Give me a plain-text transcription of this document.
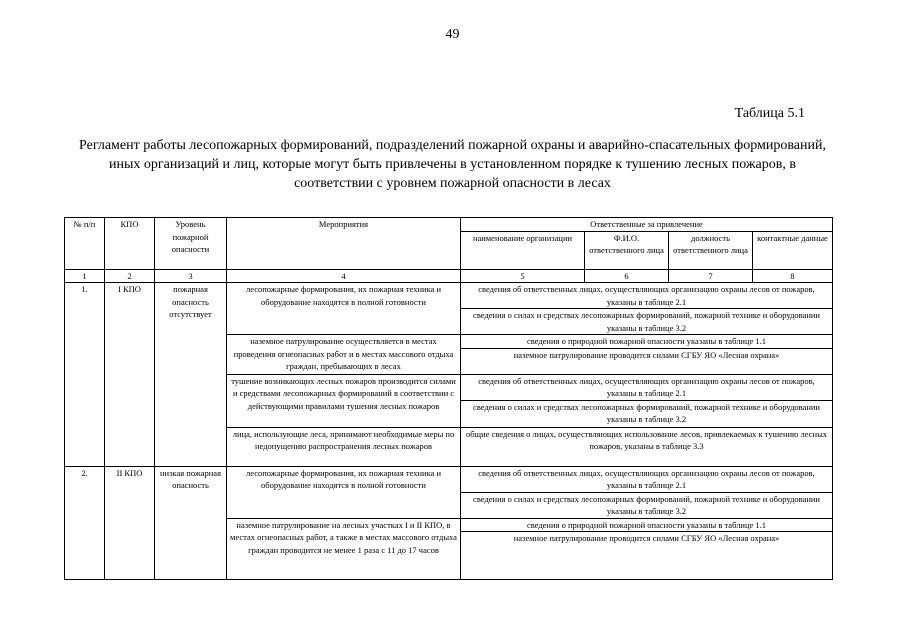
49
Таблица 5.1
Регламент работы лесопожарных формирований, подразделений пожарной охраны и аварийно-спасательных формирований, иных организаций и лиц, которые могут быть привлечены в установленном порядке к тушению лесных пожаров, в соответствии с уровнем пожарной опасности в лесах
№ п/п	КПО	Уровень пожарной опасности	Мероприятия	Ответственные за привлечение			
				наименование организации	Ф.И.О. ответственного лица	должность ответственного лица	контактные данные
1	2	3	4	5	6	7	8
1.	I КПО	пожарная опасность отсутствует	лесопожарные формирования, их пожарная техника и оборудование находятся в полной готовности	сведения об ответственных лицах, осуществляющих организацию охраны лесов от пожаров, указаны в таблице 2.1			
				сведения о силах и средствах лесопожарных формирований, пожарной технике и оборудовании указаны в таблице 3.2			
			наземное патрулирование осуществляется в местах проведения огнеопасных работ и в местах массового отдыха граждан, пребывающих в лесах	сведения о природной пожарной опасности указаны в таблице 1.1			
				наземное патрулирование проводится силами СГБУ ЯО «Лесная охрана»			
			тушение возникающих лесных пожаров производится силами и средствами лесопожарных формирований в соответствии с действующими правилами тушения лесных пожаров	сведения об ответственных лицах, осуществляющих организацию охраны лесов от пожаров, указаны в таблице 2.1			
				сведения о силах и средствах лесопожарных формирований, пожарной технике и оборудовании указаны в таблице 3.2			
			лица, использующие леса, принимают необходимые меры по недопущению распространения лесных пожаров	общие сведения о лицах, осуществляющих использование лесов, привлекаемых к тушению лесных пожаров, указаны в таблице 3.3			
2.	II КПО	низкая пожарная опасность	лесопожарные формирования, их пожарная техника и оборудование находятся в полной готовности	сведения об ответственных лицах, осуществляющих организацию охраны лесов от пожаров, указаны в таблице 2.1			
				сведения о силах и средствах лесопожарных формирований, пожарной технике и оборудовании указаны в таблице 3.2			
			наземное патрулирование на лесных участках I и II КПО, в местах огнеопасных работ, а также в местах массового отдыха граждан проводится не менее 1 раза с 11 до 17 часов	сведения о природной пожарной опасности указаны в таблице 1.1			
				наземное патрулирование проводится силами СГБУ ЯО «Лесная охрана»			
